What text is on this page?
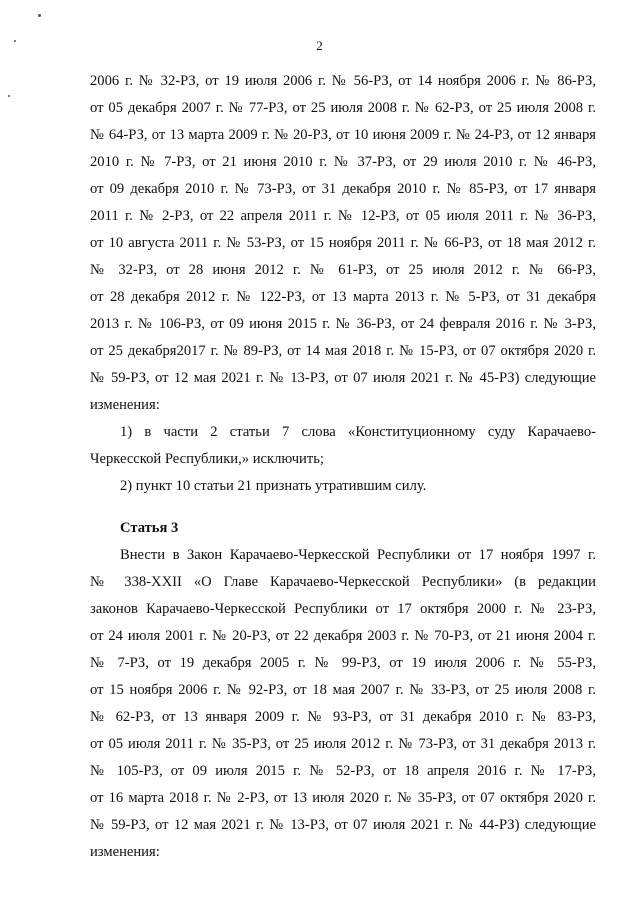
2
2006 г. № 32-РЗ, от 19 июля 2006 г. № 56-РЗ, от 14 ноября 2006 г. № 86-РЗ,
от 05 декабря 2007 г. № 77-РЗ, от 25 июля 2008 г. № 62-РЗ, от 25 июля 2008 г.
№ 64-РЗ, от 13 марта 2009 г. № 20-РЗ, от 10 июня 2009 г. № 24-РЗ, от 12 января
2010 г. № 7-РЗ, от 21 июня 2010 г. № 37-РЗ, от 29 июля 2010 г. № 46-РЗ,
от 09 декабря 2010 г. № 73-РЗ, от 31 декабря 2010 г. № 85-РЗ, от 17 января
2011 г. № 2-РЗ, от 22 апреля 2011 г. № 12-РЗ, от 05 июля 2011 г. № 36-РЗ,
от 10 августа 2011 г. № 53-РЗ, от 15 ноября 2011 г. № 66-РЗ, от 18 мая 2012 г.
№ 32-РЗ, от 28 июня 2012 г. № 61-РЗ, от 25 июля 2012 г. № 66-РЗ,
от 28 декабря 2012 г. № 122-РЗ, от 13 марта 2013 г. № 5-РЗ, от 31 декабря
2013 г. № 106-РЗ, от 09 июня 2015 г. № 36-РЗ, от 24 февраля 2016 г. № 3-РЗ,
от 25 декабря2017 г. № 89-РЗ, от 14 мая 2018 г. № 15-РЗ, от 07 октября 2020 г.
№ 59-РЗ, от 12 мая 2021 г. № 13-РЗ, от 07 июля 2021 г. № 45-РЗ) следующие
изменения:
1) в части 2 статьи 7 слова «Конституционному суду Карачаево-
Черкесской Республики,» исключить;
2) пункт 10 статьи 21 признать утратившим силу.
Статья 3
Внести в Закон Карачаево-Черкесской Республики от 17 ноября 1997 г.
№ 338-XXII «О Главе Карачаево-Черкесской Республики» (в редакции
законов Карачаево-Черкесской Республики от 17 октября 2000 г. № 23-РЗ,
от 24 июля 2001 г. № 20-РЗ, от 22 декабря 2003 г. № 70-РЗ, от 21 июня 2004 г.
№ 7-РЗ, от 19 декабря 2005 г. № 99-РЗ, от 19 июля 2006 г. № 55-РЗ,
от 15 ноября 2006 г. № 92-РЗ, от 18 мая 2007 г. № 33-РЗ, от 25 июля 2008 г.
№ 62-РЗ, от 13 января 2009 г. № 93-РЗ, от 31 декабря 2010 г. № 83-РЗ,
от 05 июля 2011 г. № 35-РЗ, от 25 июля 2012 г. № 73-РЗ, от 31 декабря 2013 г.
№ 105-РЗ, от 09 июля 2015 г. № 52-РЗ, от 18 апреля 2016 г. № 17-РЗ,
от 16 марта 2018 г. № 2-РЗ, от 13 июля 2020 г. № 35-РЗ, от 07 октября 2020 г.
№ 59-РЗ, от 12 мая 2021 г. № 13-РЗ, от 07 июля 2021 г. № 44-РЗ) следующие
изменения:
